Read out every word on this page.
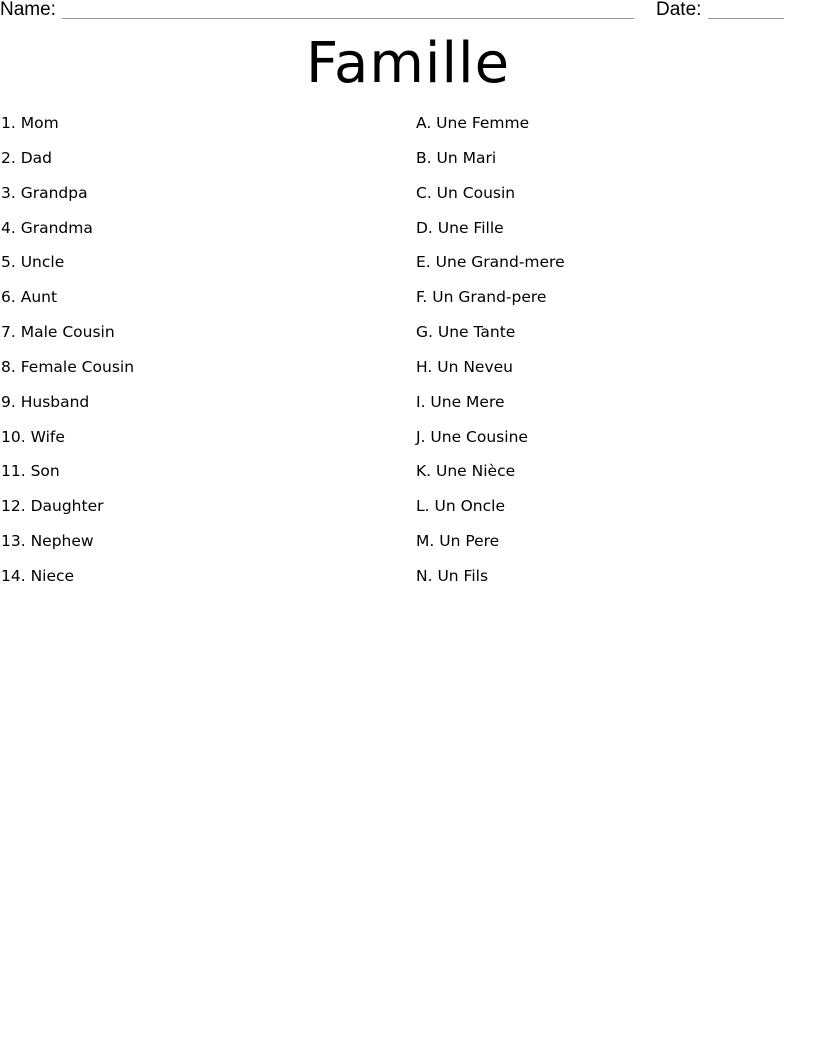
Name:	Date:
Famille
1. Mom
2. Dad
3. Grandpa
4. Grandma
5. Uncle
6. Aunt
7. Male Cousin
8. Female Cousin
9. Husband
10. Wife
11. Son
12. Daughter
13. Nephew
14. Niece
A. Une Femme
B. Un Mari
C. Un Cousin
D. Une Fille
E. Une Grand-mere
F. Un Grand-pere
G. Une Tante
H. Un Neveu
I. Une Mere
J. Une Cousine
K. Une Nièce
L. Un Oncle
M. Un Pere
N. Un Fils
